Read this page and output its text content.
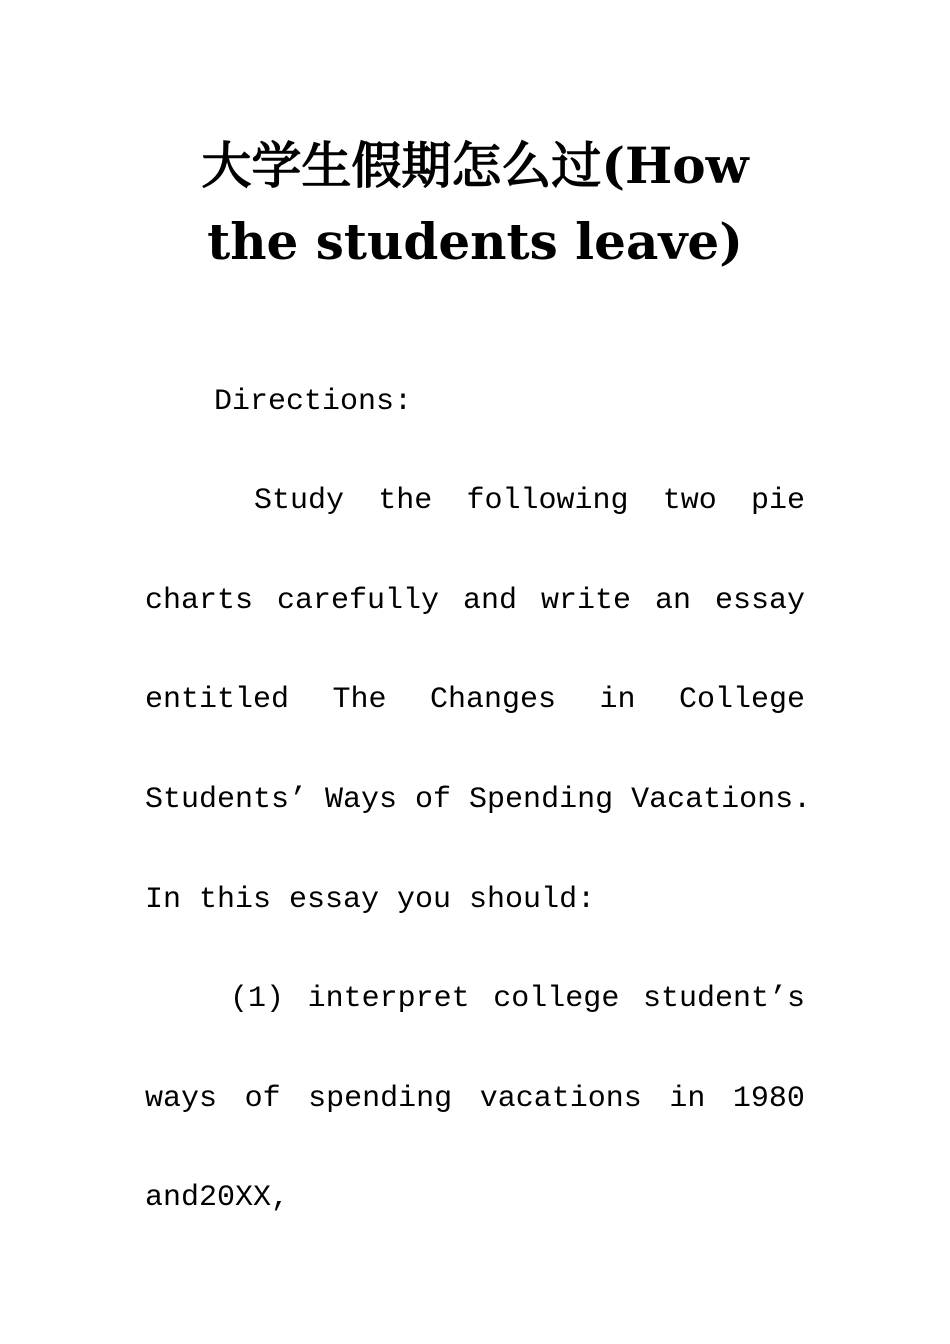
大学生假期怎么过(How
the students leave)
Directions:
Study the following two pie
charts carefully and write an essay
entitled The Changes in College
Students’ Ways of Spending Vacations.
In this essay you should:
(1) interpret college student’s
ways of spending vacations in 1980
and20XX,
